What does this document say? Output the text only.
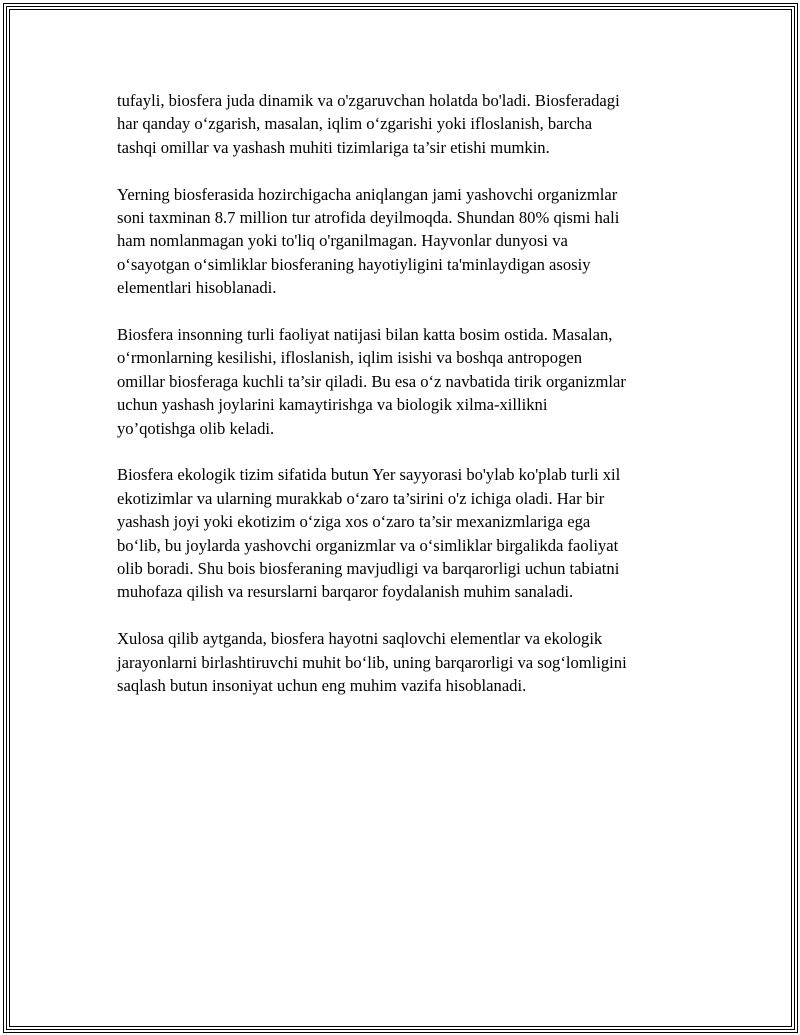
tufayli, biosfera juda dinamik va o'zgaruvchan holatda bo'ladi. Biosferadagi
har qanday o‘zgarish, masalan, iqlim o‘zgarishi yoki ifloslanish, barcha
tashqi omillar va yashash muhiti tizimlariga ta’sir etishi mumkin.

Yerning biosferasida hozirchigacha aniqlangan jami yashovchi organizmlar
soni taxminan 8.7 million tur atrofida deyilmoqda. Shundan 80% qismi hali
ham nomlanmagan yoki to'liq o'rganilmagan. Hayvonlar dunyosi va
o‘sayotgan o‘simliklar biosferaning hayotiyligini ta'minlaydigan asosiy
elementlari hisoblanadi.

Biosfera insonning turli faoliyat natijasi bilan katta bosim ostida. Masalan,
o‘rmonlarning kesilishi, ifloslanish, iqlim isishi va boshqa antropogen
omillar biosferaga kuchli ta’sir qiladi. Bu esa o‘z navbatida tirik organizmlar
uchun yashash joylarini kamaytirishga va biologik xilma-xillikni
yo’qotishga olib keladi.

Biosfera ekologik tizim sifatida butun Yer sayyorasi bo'ylab ko'plab turli xil
ekotizimlar va ularning murakkab o‘zaro ta’sirini o'z ichiga oladi. Har bir
yashash joyi yoki ekotizim o‘ziga xos o‘zaro ta’sir mexanizmlariga ega
bo‘lib, bu joylarda yashovchi organizmlar va o‘simliklar birgalikda faoliyat
olib boradi. Shu bois biosferaning mavjudligi va barqarorligi uchun tabiatni
muhofaza qilish va resurslarni barqaror foydalanish muhim sanaladi.

Xulosa qilib aytganda, biosfera hayotni saqlovchi elementlar va ekologik
jarayonlarni birlashtiruvchi muhit bo‘lib, uning barqarorligi va sog‘lomligini
saqlash butun insoniyat uchun eng muhim vazifa hisoblanadi.
